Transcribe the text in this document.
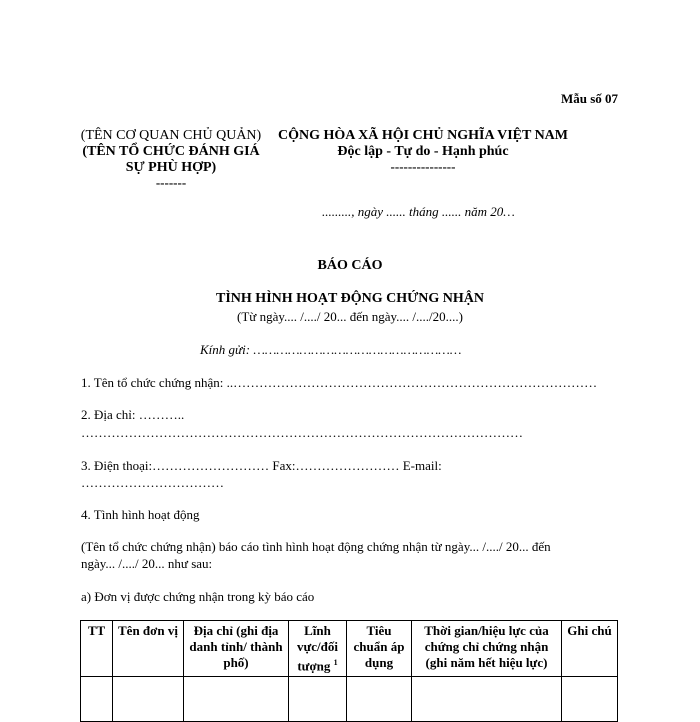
Mẫu số 07
(TÊN CƠ QUAN CHỦ QUẢN)
(TÊN TỔ CHỨC ĐÁNH GIÁ
SỰ PHÙ HỢP)
-------
CỘNG HÒA XÃ HỘI CHỦ NGHĨA VIỆT NAM
Độc lập - Tự do - Hạnh phúc
---------------
........., ngày ...... tháng ...... năm 20…
BÁO CÁO
TÌNH HÌNH HOẠT ĐỘNG CHỨNG NHẬN
(Từ ngày.... /..../ 20... đến ngày.... /..../20....)
Kính gửi: ………………………………………………
1. Tên tổ chức chứng nhận: ..…………………………………………………………………………
2. Địa chỉ: ………..
…………………………………………………………………………………………
3. Điện thoại:……………………… Fax:…………………… E-mail:
……………………………
4. Tình hình hoạt động
(Tên tổ chức chứng nhận) báo cáo tình hình hoạt động chứng nhận từ ngày... /..../ 20... đến
ngày... /..../ 20... như sau:
a) Đơn vị được chứng nhận trong kỳ báo cáo
TT	Tên đơn vị	Địa chỉ (ghi địa danh tỉnh/ thành phố)	Lĩnh vực/đối tượng $^1$	Tiêu chuẩn áp dụng	Thời gian/hiệu lực của chứng chỉ chứng nhận (ghi năm hết hiệu lực)	Ghi chú
